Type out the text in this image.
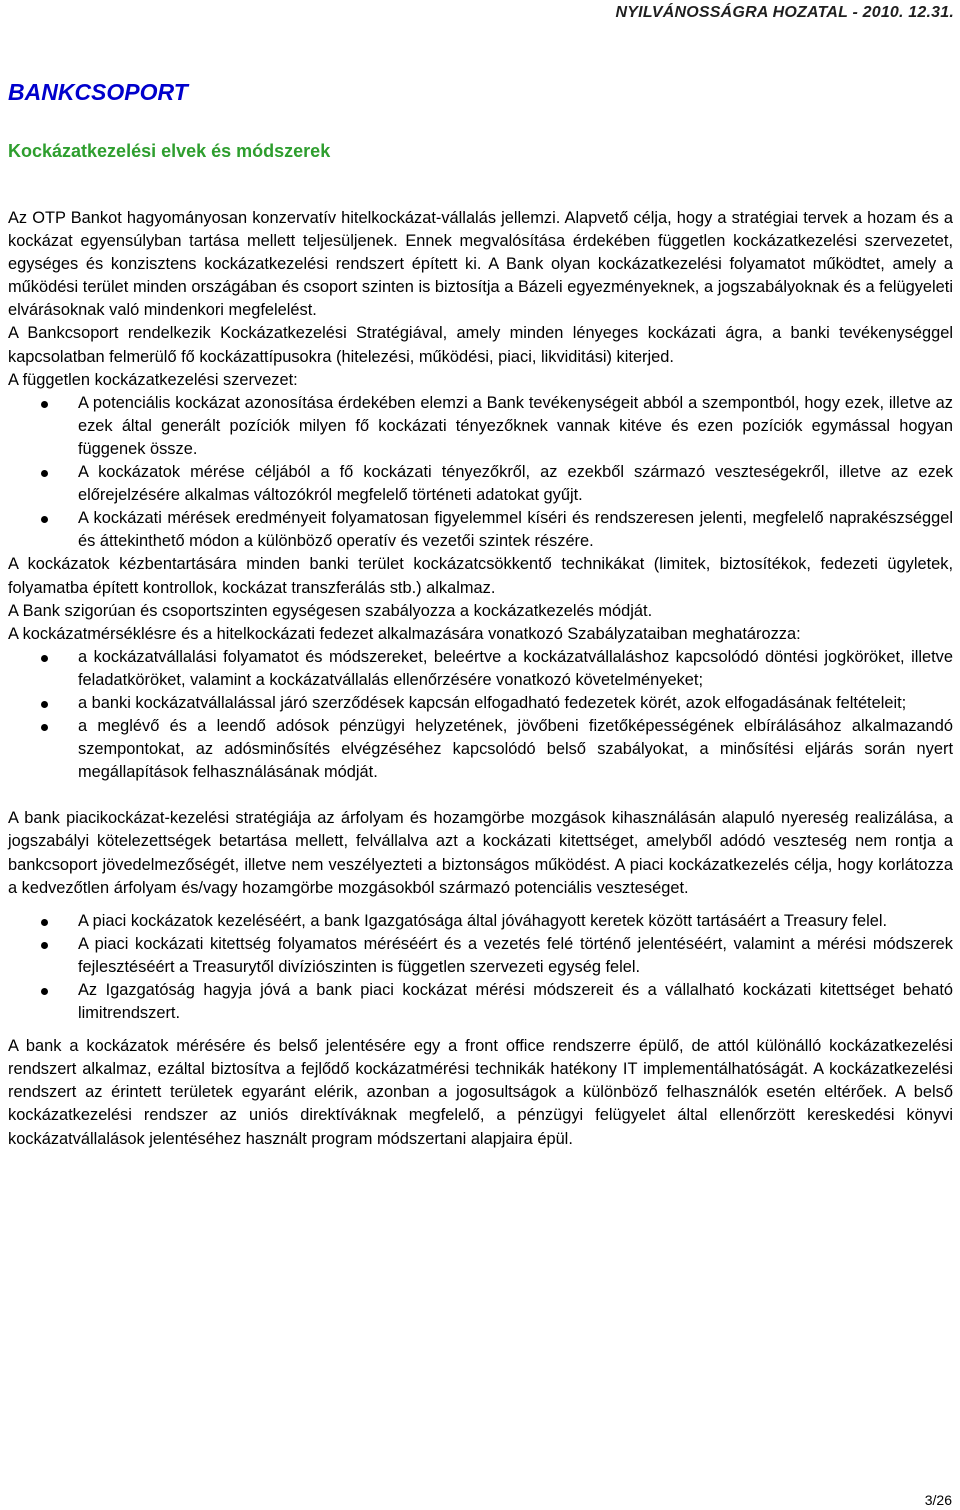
NYILVÁNOSSÁGRA HOZATAL - 2010. 12.31.
BANKCSOPORT
Kockázatkezelési elvek és módszerek

Az OTP Bankot hagyományosan konzervatív hitelkockázat-vállalás jellemzi. Alapvető célja, hogy a stratégiai tervek a hozam és a kockázat egyensúlyban tartása mellett teljesüljenek. Ennek megvalósítása érdekében független kockázatkezelési szervezetet, egységes és konzisztens kockázatkezelési rendszert épített ki. A Bank olyan kockázatkezelési folyamatot működtet, amely a működési terület minden országában és csoport szinten is biztosítja a Bázeli egyezményeknek, a jogszabályoknak és a felügyeleti elvárásoknak való mindenkori megfelelést.

A Bankcsoport rendelkezik Kockázatkezelési Stratégiával, amely minden lényeges kockázati ágra, a banki tevékenységgel kapcsolatban felmerülő fő kockázattípusokra (hitelezési, működési, piaci, likviditási) kiterjed.

A független kockázatkezelési szervezet:

A potenciális kockázat azonosítása érdekében elemzi a Bank tevékenységeit abból a szempontból, hogy ezek, illetve az ezek által generált pozíciók milyen fő kockázati tényezőknek vannak kitéve és ezen pozíciók egymással hogyan függenek össze.
A kockázatok mérése céljából a fő kockázati tényezőkről, az ezekből származó veszteségekről, illetve az ezek előrejelzésére alkalmas változókról megfelelő történeti adatokat gyűjt.
A kockázati mérések eredményeit folyamatosan figyelemmel kíséri és rendszeresen jelenti, megfelelő naprakészséggel és áttekinthető módon a különböző operatív és vezetői szintek részére.

A kockázatok kézbentartására minden banki terület kockázatcsökkentő technikákat (limitek, biztosítékok, fedezeti ügyletek, folyamatba épített kontrollok, kockázat transzferálás stb.) alkalmaz.

A Bank szigorúan és csoportszinten egységesen szabályozza a kockázatkezelés módját.

A kockázatmérséklésre és a hitelkockázati fedezet alkalmazására vonatkozó Szabályzataiban meghatározza:

a kockázatvállalási folyamatot és módszereket, beleértve a kockázatvállaláshoz kapcsolódó döntési jogköröket, illetve feladatköröket, valamint a kockázatvállalás ellenőrzésére vonatkozó követelményeket;
a banki kockázatvállalással járó szerződések kapcsán elfogadható fedezetek körét, azok elfogadásának feltételeit;
a meglévő és a leendő adósok pénzügyi helyzetének, jövőbeni fizetőképességének elbírálásához alkalmazandó szempontokat, az adósminősítés elvégzéséhez kapcsolódó belső szabályokat, a minősítési eljárás során nyert megállapítások felhasználásának módját.

A bank piacikockázat-kezelési stratégiája az árfolyam és hozamgörbe mozgások kihasználásán alapuló nyereség realizálása, a jogszabályi kötelezettségek betartása mellett, felvállalva azt a kockázati kitettséget, amelyből adódó veszteség nem rontja a bankcsoport jövedelmezőségét, illetve nem veszélyezteti a biztonságos működést. A piaci kockázatkezelés célja, hogy korlátozza a kedvezőtlen árfolyam és/vagy hozamgörbe mozgásokból származó potenciális veszteséget.

A piaci kockázatok kezeléséért, a bank Igazgatósága által jóváhagyott keretek között tartásáért a Treasury felel.
A piaci kockázati kitettség folyamatos méréséért és a vezetés felé történő jelentéséért, valamint a mérési módszerek fejlesztéséért a Treasurytől divíziószinten is független szervezeti egység felel.
Az Igazgatóság hagyja jóvá a bank piaci kockázat mérési módszereit és a vállalható kockázati kitettséget beható limitrendszert.

A bank a kockázatok mérésére és belső jelentésére egy a front office rendszerre épülő, de attól különálló kockázatkezelési rendszert alkalmaz, ezáltal biztosítva a fejlődő kockázatmérési technikák hatékony IT implementálhatóságát. A kockázatkezelési rendszert az érintett területek egyaránt elérik, azonban a jogosultságok a különböző felhasználók esetén eltérőek. A belső kockázatkezelési rendszer az uniós direktíváknak megfelelő, a pénzügyi felügyelet által ellenőrzött kereskedési könyvi kockázatvállalások jelentéséhez használt program módszertani alapjaira épül.

3/26
